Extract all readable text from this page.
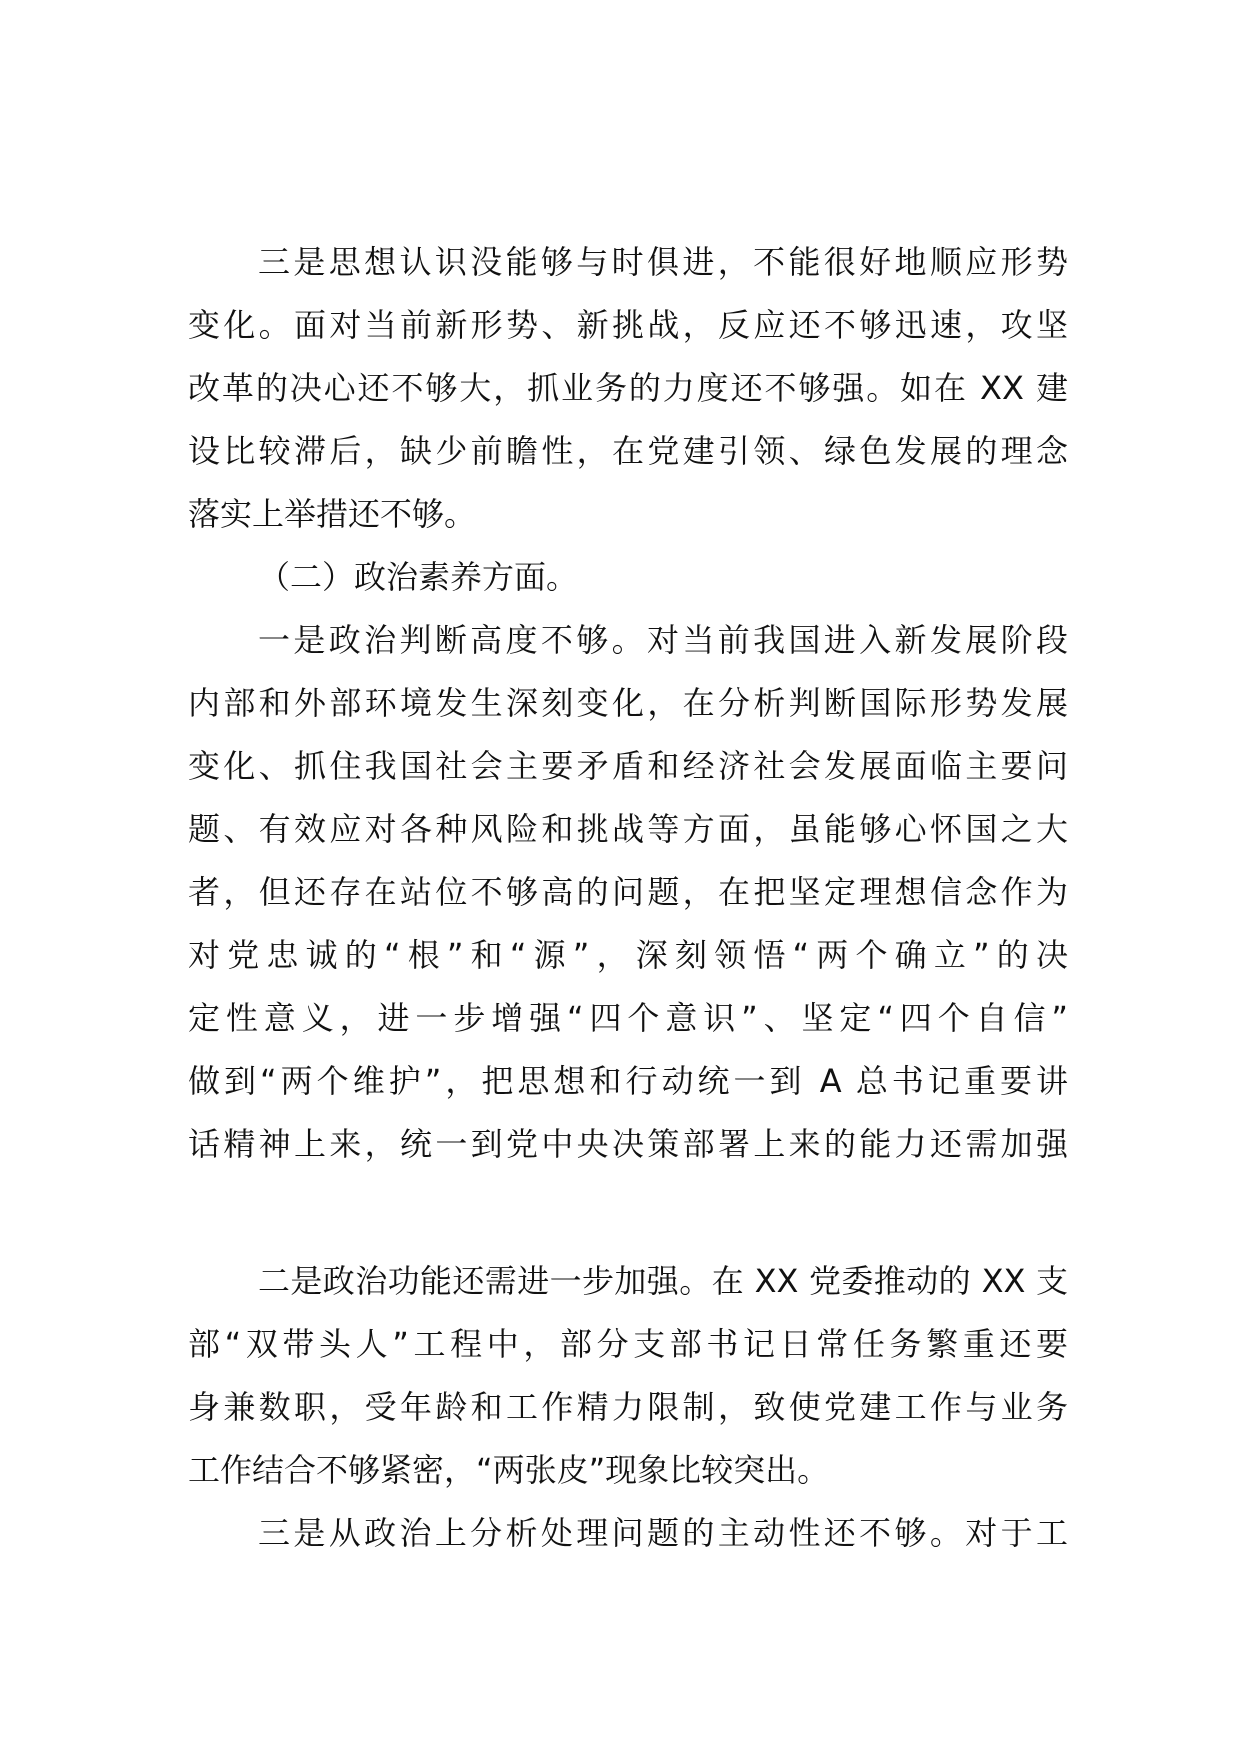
三是思想认识没能够与时俱进，不能很好地顺应形势
变化。面对当前新形势、新挑战，反应还不够迅速，攻坚
改革的决心还不够大，抓业务的力度还不够强。如在 XX 建
设比较滞后，缺少前瞻性，在党建引领、绿色发展的理念
落实上举措还不够。
（二）政治素养方面。
一是政治判断高度不够。对当前我国进入新发展阶段
内部和外部环境发生深刻变化，在分析判断国际形势发展
变化、抓住我国社会主要矛盾和经济社会发展面临主要问
题、有效应对各种风险和挑战等方面，虽能够心怀国之大
者，但还存在站位不够高的问题，在把坚定理想信念作为
对党忠诚的“根”和“源”，深刻领悟“两个确立”的决
定性意义，进一步增强“四个意识”、坚定“四个自信”
做到“两个维护”，把思想和行动统一到 A 总书记重要讲
话精神上来，统一到党中央决策部署上来的能力还需加强
二是政治功能还需进一步加强。在 XX 党委推动的 XX 支
部“双带头人”工程中，部分支部书记日常任务繁重还要
身兼数职，受年龄和工作精力限制，致使党建工作与业务
工作结合不够紧密，“两张皮”现象比较突出。
三是从政治上分析处理问题的主动性还不够。对于工
